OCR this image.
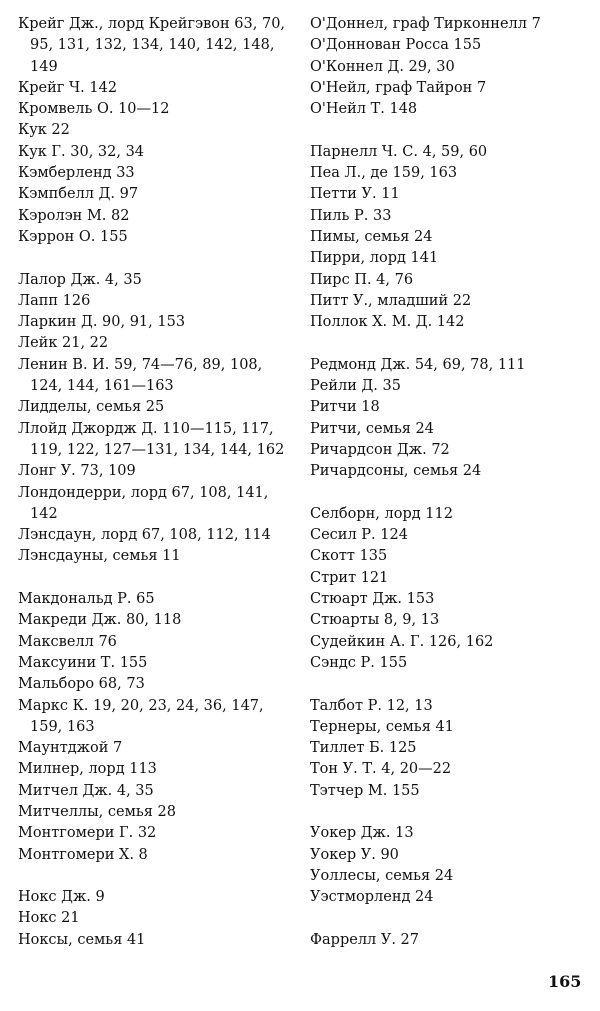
Крейг Дж., лорд Крейгэвон 63, 70, 95, 131, 132, 134, 140, 142, 148, 149
Крейг Ч. 142
Кромвель О. 10—12
Кук 22
Кук Г. 30, 32, 34
Кэмберленд 33
Кэмпбелл Д. 97
Кэролэн М. 82
Кэррон О. 155
Лалор Дж. 4, 35
Лапп 126
Ларкин Д. 90, 91, 153
Лейк 21, 22
Ленин В. И. 59, 74—76, 89, 108, 124, 144, 161—163
Лидделы, семья 25
Ллойд Джордж Д. 110—115, 117, 119, 122, 127—131, 134, 144, 162
Лонг У. 73, 109
Лондондерри, лорд 67, 108, 141, 142
Лэнсдаун, лорд 67, 108, 112, 114
Лэнсдауны, семья 11
Макдональд Р. 65
Макреди Дж. 80, 118
Максвелл 76
Максуини Т. 155
Мальборо 68, 73
Маркс К. 19, 20, 23, 24, 36, 147, 159, 163
Маунтджой 7
Милнер, лорд 113
Митчел Дж. 4, 35
Митчеллы, семья 28
Монтгомери Г. 32
Монтгомери Х. 8
Нокс Дж. 9
Нокс 21
Ноксы, семья 41
О'Доннел, граф Тирконнелл 7
О'Доннован Росса 155
О'Коннел Д. 29, 30
О'Нейл, граф Тайрон 7
О'Нейл Т. 148
Парнелл Ч. С. 4, 59, 60
Пеа Л., де 159, 163
Петти У. 11
Пиль Р. 33
Пимы, семья 24
Пирри, лорд 141
Пирс П. 4, 76
Питт У., младший 22
Поллок Х. М. Д. 142
Редмонд Дж. 54, 69, 78, 111
Рейли Д. 35
Ритчи 18
Ритчи, семья 24
Ричардсон Дж. 72
Ричардсоны, семья 24
Селборн, лорд 112
Сесил Р. 124
Скотт 135
Стрит 121
Стюарт Дж. 153
Стюарты 8, 9, 13
Судейкин А. Г. 126, 162
Сэндс Р. 155
Талбот Р. 12, 13
Тернеры, семья 41
Тиллет Б. 125
Тон У. Т. 4, 20—22
Тэтчер М. 155
Уокер Дж. 13
Уокер У. 90
Уоллесы, семья 24
Уэстморленд 24
Фаррелл У. 27
165
